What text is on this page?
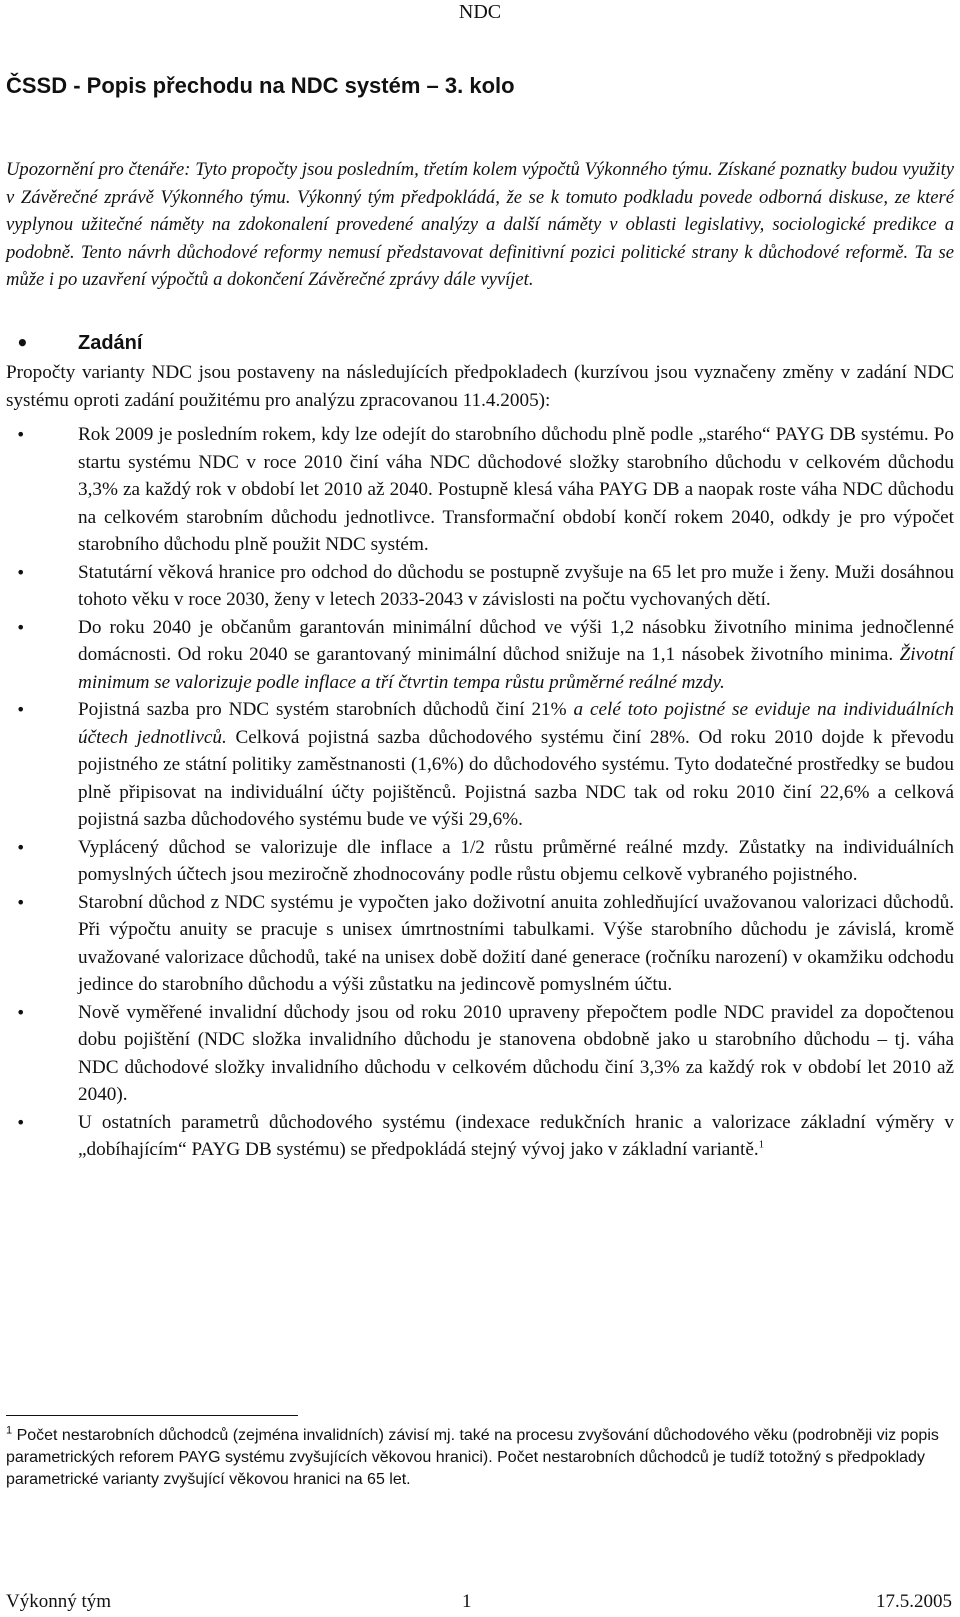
NDC
ČSSD - Popis přechodu na NDC systém – 3. kolo

Upozornění pro čtenáře: Tyto propočty jsou posledním, třetím kolem výpočtů Výkonného týmu. Získané poznatky budou využity v Závěrečné zprávě Výkonného týmu. Výkonný tým předpokládá, že se k tomuto podkladu povede odborná diskuse, ze které vyplynou užitečné náměty na zdokonalení provedené analýzy a další náměty v oblasti legislativy, sociologické predikce a podobně. Tento návrh důchodové reformy nemusí představovat definitivní pozici politické strany k důchodové reformě. Ta se může i po uzavření výpočtů a dokončení Závěrečné zprávy dále vyvíjet.

• Zadání

Propočty varianty NDC jsou postaveny na následujících předpokladech (kurzívou jsou vyznačeny změny v zadání NDC systému oproti zadání použitému pro analýzu zpracovanou 11.4.2005):

•	Rok 2009 je posledním rokem, kdy lze odejít do starobního důchodu plně podle „starého“ PAYG DB systému. Po startu systému NDC v roce 2010 činí váha NDC důchodové složky starobního důchodu v celkovém důchodu 3,3% za každý rok v období let 2010 až 2040. Postupně klesá váha PAYG DB a naopak roste váha NDC důchodu na celkovém starobním důchodu jednotlivce. Transformační období končí rokem 2040, odkdy je pro výpočet starobního důchodu plně použit NDC systém.
•	Statutární věková hranice pro odchod do důchodu se postupně zvyšuje na 65 let pro muže i ženy. Muži dosáhnou tohoto věku v roce 2030, ženy v letech 2033-2043 v závislosti na počtu vychovaných dětí.
•	Do roku 2040 je občanům garantován minimální důchod ve výši 1,2 násobku životního minima jednočlenné domácnosti. Od roku 2040 se garantovaný minimální důchod snižuje na 1,1 násobek životního minima. Životní minimum se valorizuje podle inflace a tří čtvrtin tempa růstu průměrné reálné mzdy.
•	Pojistná sazba pro NDC systém starobních důchodů činí 21% a celé toto pojistné se eviduje na individuálních účtech jednotlivců. Celková pojistná sazba důchodového systému činí 28%. Od roku 2010 dojde k převodu pojistného ze státní politiky zaměstnanosti (1,6%) do důchodového systému. Tyto dodatečné prostředky se budou plně připisovat na individuální účty pojištěnců. Pojistná sazba NDC tak od roku 2010 činí 22,6% a celková pojistná sazba důchodového systému bude ve výši 29,6%.
•	Vyplácený důchod se valorizuje dle inflace a 1/2 růstu průměrné reálné mzdy. Zůstatky na individuálních pomyslných účtech jsou meziročně zhodnocovány podle růstu objemu celkově vybraného pojistného.
•	Starobní důchod z NDC systému je vypočten jako doživotní anuita zohledňující uvažovanou valorizaci důchodů. Při výpočtu anuity se pracuje s unisex úmrtnostními tabulkami. Výše starobního důchodu je závislá, kromě uvažované valorizace důchodů, také na unisex době dožití dané generace (ročníku narození) v okamžiku odchodu jedince do starobního důchodu a výši zůstatku na jedincově pomyslném účtu.
•	Nově vyměřené invalidní důchody jsou od roku 2010 upraveny přepočtem podle NDC pravidel za dopočtenou dobu pojištění (NDC složka invalidního důchodu je stanovena obdobně jako u starobního důchodu – tj. váha NDC důchodové složky invalidního důchodu v celkovém důchodu činí 3,3% za každý rok v období let 2010 až 2040).
•	U ostatních parametrů důchodového systému (indexace redukčních hranic a valorizace základní výměry v „dobíhajícím“ PAYG DB systému) se předpokládá stejný vývoj jako v základní variantě.$^1$

$^1$ Počet nestarobních důchodců (zejména invalidních) závisí mj. také na procesu zvyšování důchodového věku (podrobněji viz popis parametrických reforem PAYG systému zvyšujících věkovou hranici). Počet nestarobních důchodců je tudíž totožný s předpoklady parametrické varianty zvyšující věkovou hranici na 65 let.

Výkonný tým	1	17.5.2005
